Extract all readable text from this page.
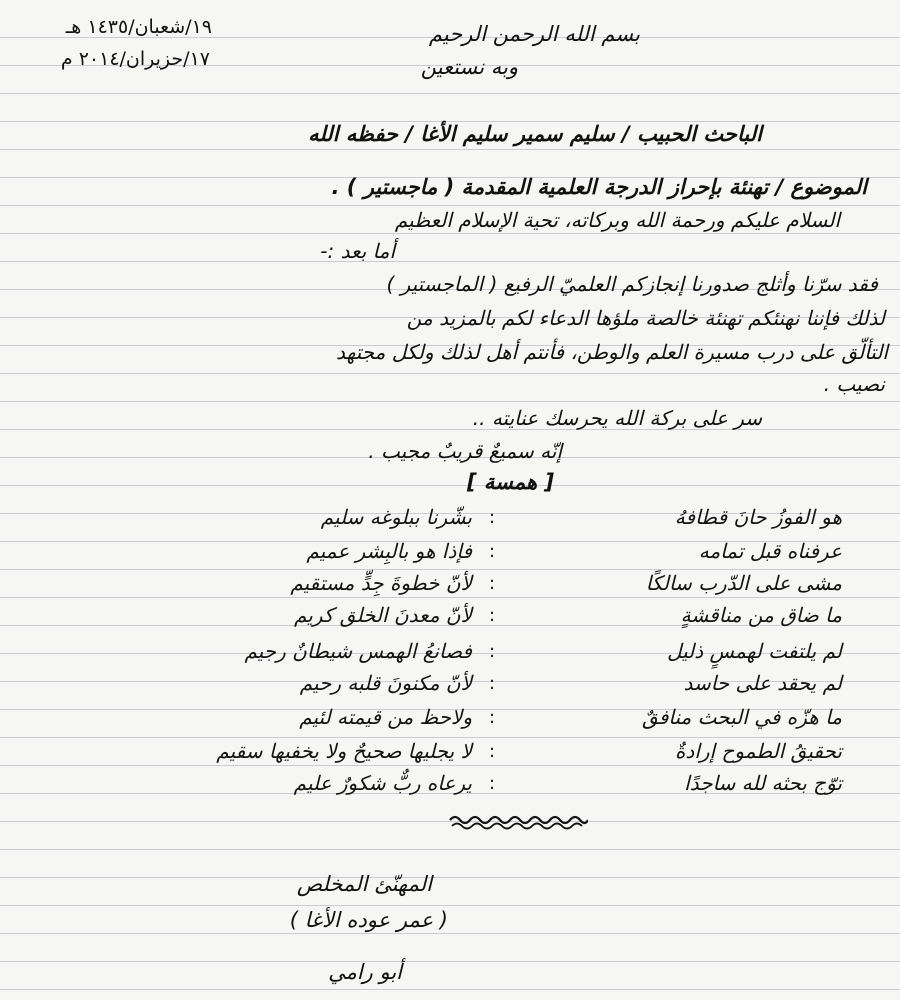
بسم الله الرحمن الرحيم
وبه نستعين
١٩/شعبان/١٤٣٥ هـ
١٧/حزيران/٢٠١٤ م
الباحث الحبيب / سليم سمير سليم الأغا / حفظه الله
الموضوع / تهنئة بإحراز الدرجة العلمية المقدمة ( ماجستير ) .
السلام عليكم ورحمة الله وبركاته، تحية الإسلام العظيم
أما بعد :-
فقد سرّنا وأثلج صدورنا إنجازكم العلميّ الرفيع ( الماجستير )
لذلك فإننا نهنئكم تهنئة خالصة ملؤها الدعاء لكم بالمزيد من
التألّق على درب مسيرة العلم والوطن، فأنتم أهل لذلك ولكل مجتهد
نصيب .
سر على بركة الله يحرسك عنايته ..
إنّه سميعٌ قريبٌ مجيب .
[ همسة ]
هو الفوزُ حانَ قطافهُ
:
بشّرنا ببلوغه سليم
عرفناه قبل تمامه
:
فإذا هو بالبِشر عميم
مشى على الدّرب سالكًا
:
لأنّ خطوةَ جِدٍّ مستقيم
ما ضاق من مناقشةٍ
:
لأنّ معدنَ الخلق كريم
لم يلتفت لهمسٍ ذليل
:
فصانعُ الهمس شيطانٌ رجيم
لم يحقد على حاسد
:
لأنّ مكنونَ قلبه رحيم
ما هزّه في البحث منافقٌ
:
ولاحظ من قيمته لئيم
تحقيقُ الطموح إرادةٌ
:
لا يجليها صحيحٌ ولا يخفيها سقيم
توّج بحثه لله ساجدًا
:
يرعاه ربٌّ شكورٌ عليم
المهنّئ المخلص
( عمر عوده الأغا )
أبو رامي
